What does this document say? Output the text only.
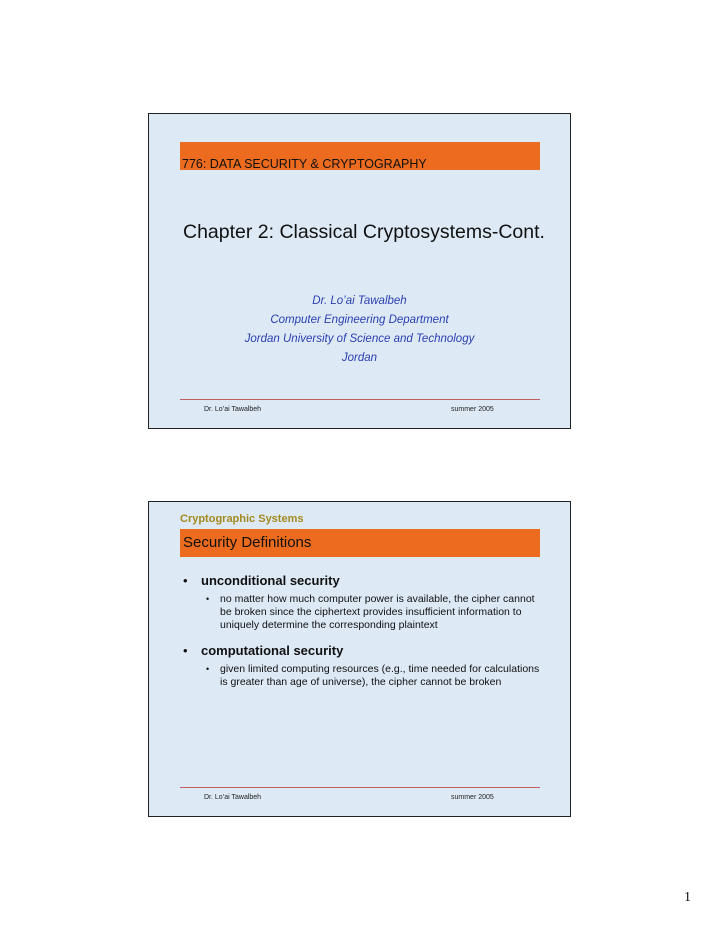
776: DATA SECURITY & CRYPTOGRAPHY
Chapter 2: Classical Cryptosystems-Cont.
Dr. Lo’ai Tawalbeh
Computer Engineering Department
Jordan University of Science and Technology
Jordan
Dr. Lo’ai Tawalbeh	summer 2005
Cryptographic Systems
Security Definitions
•	unconditional security
•	no matter how much computer power is available, the cipher cannot be broken since the ciphertext provides insufficient information to uniquely determine the corresponding plaintext
•	computational security
•	given limited computing resources (e.g., time needed for calculations is greater than age of universe), the cipher cannot be broken
Dr. Lo’ai Tawalbeh	summer 2005
1
